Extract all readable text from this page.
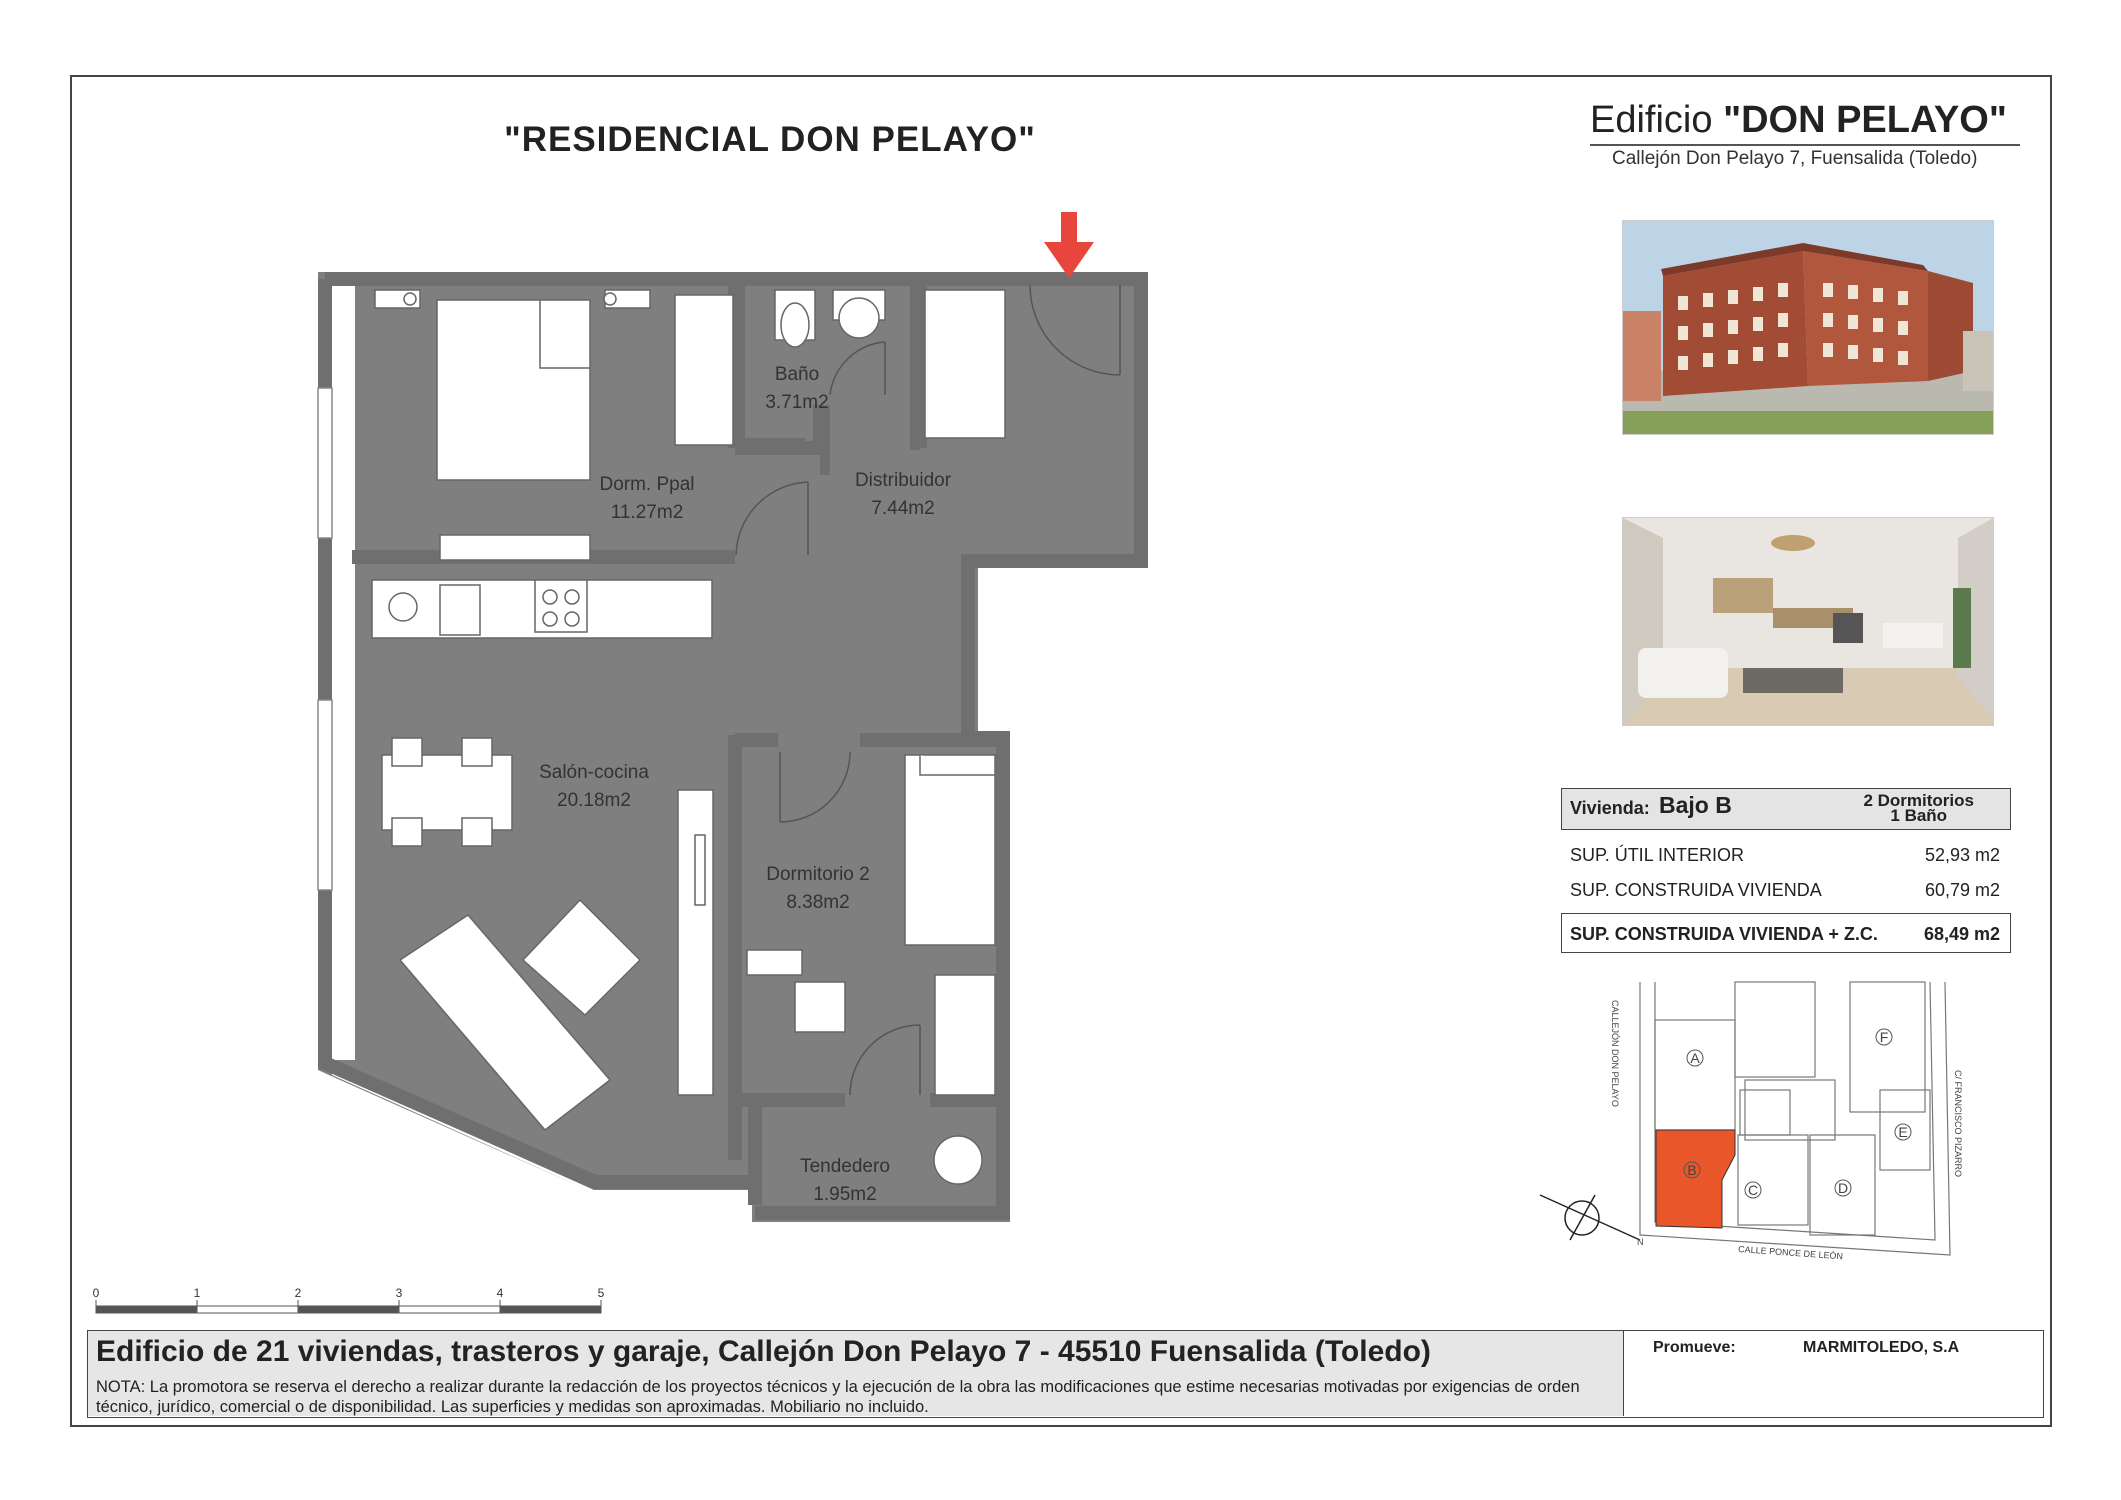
"RESIDENCIAL DON PELAYO"	Edificio "DON PELAYO"
Callejón Don Pelayo 7, Fuensalida (Toledo)
Vivienda: Bajo B	2 Dormitorios
1 Baño
SUP. ÚTIL INTERIOR	52,93 m2
SUP. CONSTRUIDA VIVIENDA	60,79 m2
SUP. CONSTRUIDA VIVIENDA + Z.C.	68,49 m2
Baño
3.71m2
Distribuidor
7.44m2
Dorm. Ppal
11.27m2
Salón-cocina
20.18m2
Dormitorio 2
8.38m2
Tendedero
1.95m2
0	1	2	3	4	5
A
B
C	D
E
F
CALLEJÓN DON PELAYO
C/ FRANCISCO PIZARRO
CALLE PONCE DE LEÓN
N
Edificio de 21 viviendas, trasteros y garaje, Callejón Don Pelayo 7 - 45510 Fuensalida (Toledo)
NOTA: La promotora se reserva el derecho a realizar durante la redacción de los proyectos técnicos y la ejecución de la obra las modificaciones que estime necesarias motivadas por exigencias de orden técnico, jurídico, comercial o de disponibilidad. Las superficies y medidas son aproximadas. Mobiliario no incluido.
Promueve:	MARMITOLEDO, S.A
